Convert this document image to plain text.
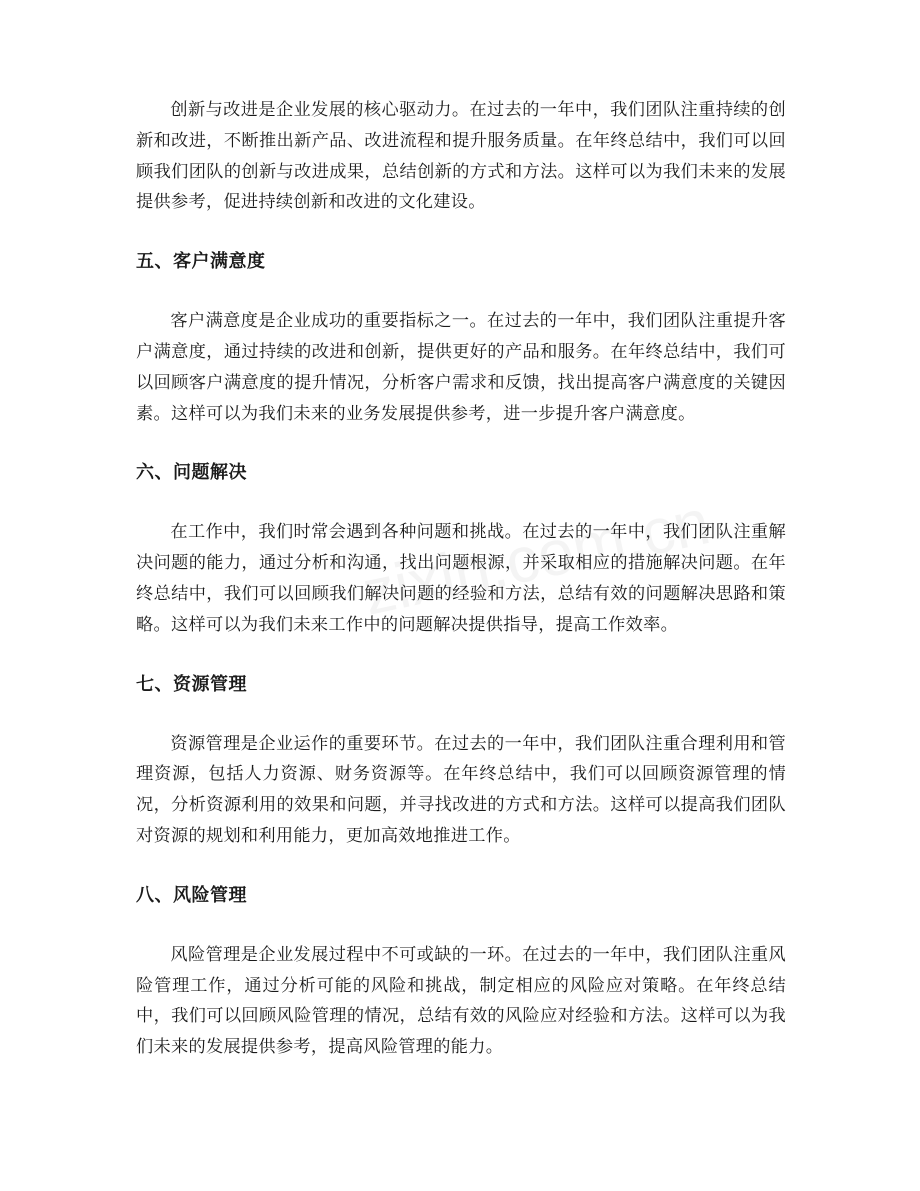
创新与改进是企业发展的核心驱动力。在过去的一年中，我们团队注重持续的创新和改进，不断推出新产品、改进流程和提升服务质量。在年终总结中，我们可以回顾我们团队的创新与改进成果，总结创新的方式和方法。这样可以为我们未来的发展提供参考，促进持续创新和改进的文化建设。

五、客户满意度

客户满意度是企业成功的重要指标之一。在过去的一年中，我们团队注重提升客户满意度，通过持续的改进和创新，提供更好的产品和服务。在年终总结中，我们可以回顾客户满意度的提升情况，分析客户需求和反馈，找出提高客户满意度的关键因素。这样可以为我们未来的业务发展提供参考，进一步提升客户满意度。

六、问题解决

在工作中，我们时常会遇到各种问题和挑战。在过去的一年中，我们团队注重解决问题的能力，通过分析和沟通，找出问题根源，并采取相应的措施解决问题。在年终总结中，我们可以回顾我们解决问题的经验和方法，总结有效的问题解决思路和策略。这样可以为我们未来工作中的问题解决提供指导，提高工作效率。

七、资源管理

资源管理是企业运作的重要环节。在过去的一年中，我们团队注重合理利用和管理资源，包括人力资源、财务资源等。在年终总结中，我们可以回顾资源管理的情况，分析资源利用的效果和问题，并寻找改进的方式和方法。这样可以提高我们团队对资源的规划和利用能力，更加高效地推进工作。

八、风险管理

风险管理是企业发展过程中不可或缺的一环。在过去的一年中，我们团队注重风险管理工作，通过分析可能的风险和挑战，制定相应的风险应对策略。在年终总结中，我们可以回顾风险管理的情况，总结有效的风险应对经验和方法。这样可以为我们未来的发展提供参考，提高风险管理的能力。
